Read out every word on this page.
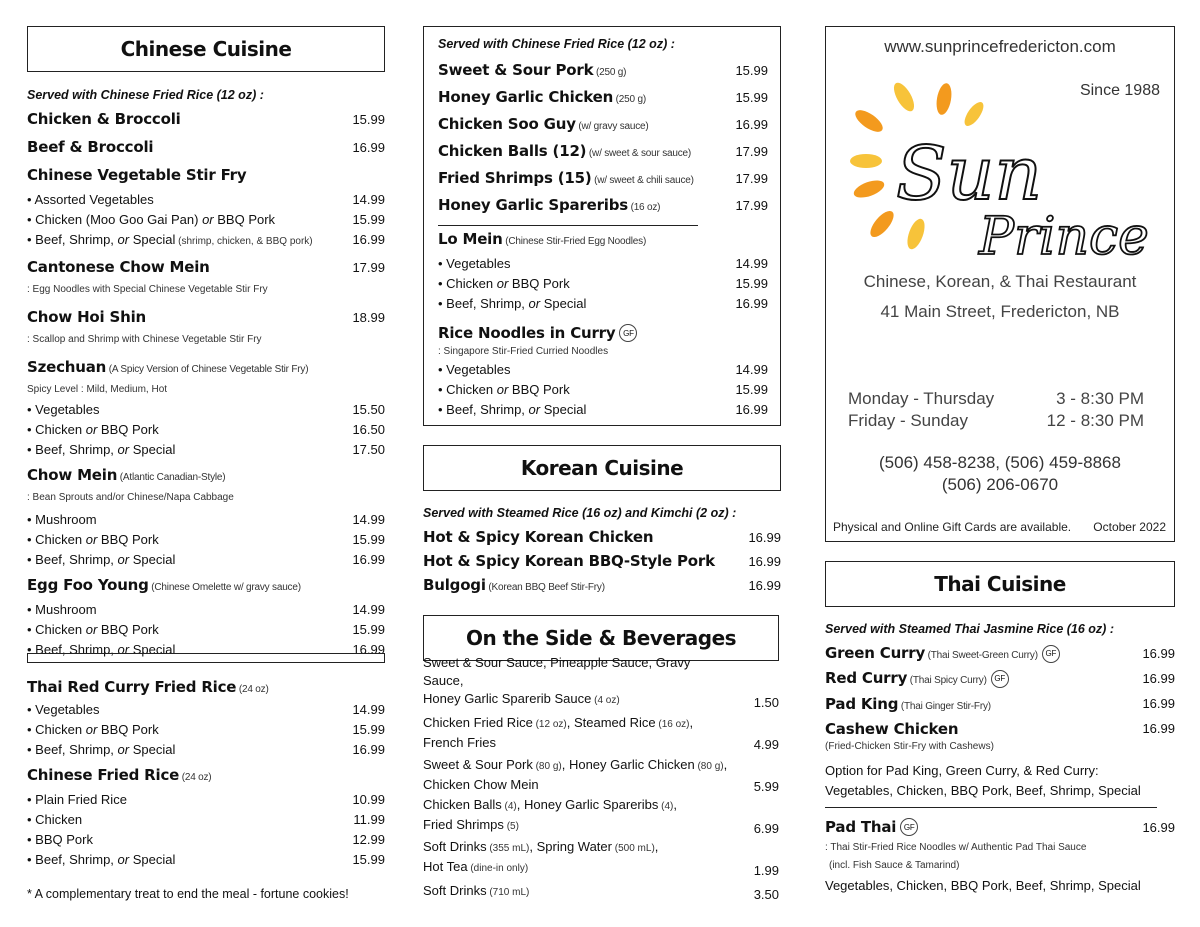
Chinese Cuisine
Served with Chinese Fried Rice (12 oz) :
Chicken & Broccoli	15.99
Beef & Broccoli	16.99
Chinese Vegetable Stir Fry
• Assorted Vegetables	14.99
• Chicken (Moo Goo Gai Pan) or BBQ Pork	15.99
• Beef, Shrimp, or Special (shrimp, chicken, & BBQ pork)	16.99
Cantonese Chow Mein	17.99
: Egg Noodles with Special Chinese Vegetable Stir Fry
Chow Hoi Shin	18.99
: Scallop and Shrimp with Chinese Vegetable Stir Fry
Szechuan (A Spicy Version of Chinese Vegetable Stir Fry)
Spicy Level : Mild, Medium, Hot
• Vegetables	15.50
• Chicken or BBQ Pork	16.50
• Beef, Shrimp, or Special	17.50
Chow Mein (Atlantic Canadian-Style)
: Bean Sprouts and/or Chinese/Napa Cabbage
• Mushroom	14.99
• Chicken or BBQ Pork	15.99
• Beef, Shrimp, or Special	16.99
Egg Foo Young (Chinese Omelette w/ gravy sauce)
• Mushroom	14.99
• Chicken or BBQ Pork	15.99
• Beef, Shrimp, or Special	16.99
Thai Red Curry Fried Rice (24 oz)
• Vegetables	14.99
• Chicken or BBQ Pork	15.99
• Beef, Shrimp, or Special	16.99
Chinese Fried Rice (24 oz)
• Plain Fried Rice	10.99
• Chicken	11.99
• BBQ Pork	12.99
• Beef, Shrimp, or Special	15.99
* A complementary treat to end the meal - fortune cookies!
Served with Chinese Fried Rice (12 oz) :
Sweet & Sour Pork (250 g)	15.99
Honey Garlic Chicken (250 g)	15.99
Chicken Soo Guy (w/ gravy sauce)	16.99
Chicken Balls (12) (w/ sweet & sour sauce)	17.99
Fried Shrimps (15) (w/ sweet & chili sauce)	17.99
Honey Garlic Spareribs (16 oz)	17.99
Lo Mein (Chinese Stir-Fried Egg Noodles)
• Vegetables	14.99
• Chicken or BBQ Pork	15.99
• Beef, Shrimp, or Special	16.99
Rice Noodles in Curry GF
: Singapore Stir-Fried Curried Noodles
• Vegetables	14.99
• Chicken or BBQ Pork	15.99
• Beef, Shrimp, or Special	16.99
Korean Cuisine
Served with Steamed Rice (16 oz) and Kimchi (2 oz) :
Hot & Spicy Korean Chicken	16.99
Hot & Spicy Korean BBQ-Style Pork	16.99
Bulgogi (Korean BBQ Beef Stir-Fry)	16.99
On the Side & Beverages
Sweet & Sour Sauce, Pineapple Sauce, Gravy Sauce,
Honey Garlic Sparerib Sauce (4 oz)	1.50
Chicken Fried Rice (12 oz), Steamed Rice (16 oz),
French Fries	4.99
Sweet & Sour Pork (80 g), Honey Garlic Chicken (80 g),
Chicken Chow Mein	5.99
Chicken Balls (4), Honey Garlic Spareribs (4),
Fried Shrimps (5)	6.99
Soft Drinks (355 mL), Spring Water (500 mL),
Hot Tea (dine-in only)	1.99
Soft Drinks (710 mL)	3.50
www.sunprincefredericton.com
Since 1988
Sun
Prince
Chinese, Korean, & Thai Restaurant
41 Main Street, Fredericton, NB
Monday - Thursday	3 - 8:30 PM
Friday - Sunday	12 - 8:30 PM
(506) 458-8238, (506) 459-8868
(506) 206-0670
Physical and Online Gift Cards are available. October 2022
Thai Cuisine
Served with Steamed Thai Jasmine Rice (16 oz) :
Green Curry (Thai Sweet-Green Curry) GF	16.99
Red Curry (Thai Spicy Curry) GF	16.99
Pad King (Thai Ginger Stir-Fry)	16.99
Cashew Chicken	16.99
(Fried-Chicken Stir-Fry with Cashews)
Option for Pad King, Green Curry, & Red Curry:
Vegetables, Chicken, BBQ Pork, Beef, Shrimp, Special
Pad Thai GF	16.99
: Thai Stir-Fried Rice Noodles w/ Authentic Pad Thai Sauce
(incl. Fish Sauce & Tamarind)
Vegetables, Chicken, BBQ Pork, Beef, Shrimp, Special
